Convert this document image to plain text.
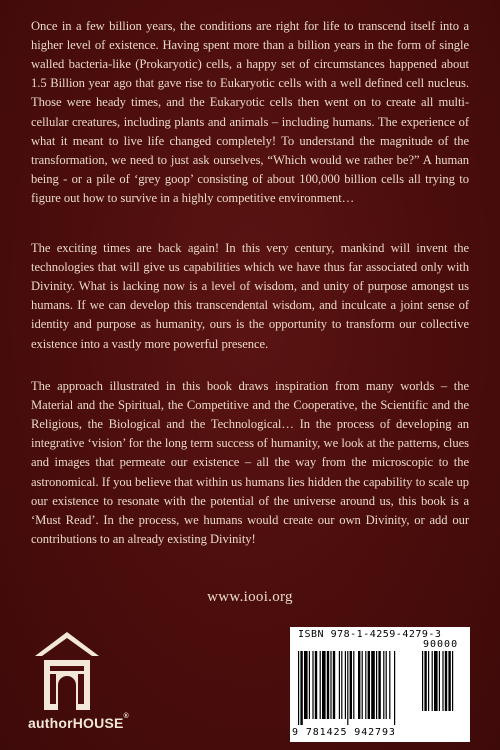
Once in a few billion years, the conditions are right for life to transcend itself into a higher level of existence. Having spent more than a billion years in the form of single walled bacteria-like (Prokaryotic) cells, a happy set of circumstances happened about 1.5 Billion year ago that gave rise to Eukaryotic cells with a well defined cell nucleus. Those were heady times, and the Eukaryotic cells then went on to create all multi-cellular creatures, including plants and animals – including humans. The experience of what it meant to live life changed completely! To understand the magnitude of the transformation, we need to just ask ourselves, “Which would we rather be?” A human being - or a pile of ‘grey goop’ consisting of about 100,000 billion cells all trying to figure out how to survive in a highly competitive environment…

The exciting times are back again! In this very century, mankind will invent the technologies that will give us capabilities which we have thus far associated only with Divinity. What is lacking now is a level of wisdom, and unity of purpose amongst us humans. If we can develop this transcendental wisdom, and inculcate a joint sense of identity and purpose as humanity, ours is the opportunity to transform our collective existence into a vastly more powerful presence.

The approach illustrated in this book draws inspiration from many worlds – the Material and the Spiritual, the Competitive and the Cooperative, the Scientific and the Religious, the Biological and the Technological… In the process of developing an integrative ‘vision’ for the long term success of humanity, we look at the patterns, clues and images that permeate our existence – all the way from the microscopic to the astronomical. If you believe that within us humans lies hidden the capability to scale up our existence to resonate with the potential of the universe around us, this book is a ‘Must Read’. In the process, we humans would create our own Divinity, or add our contributions to an already existing Divinity!

www.iooi.org
authorHOUSE®
ISBN 978-1-4259-4279-3
90000
9 781425 942793
